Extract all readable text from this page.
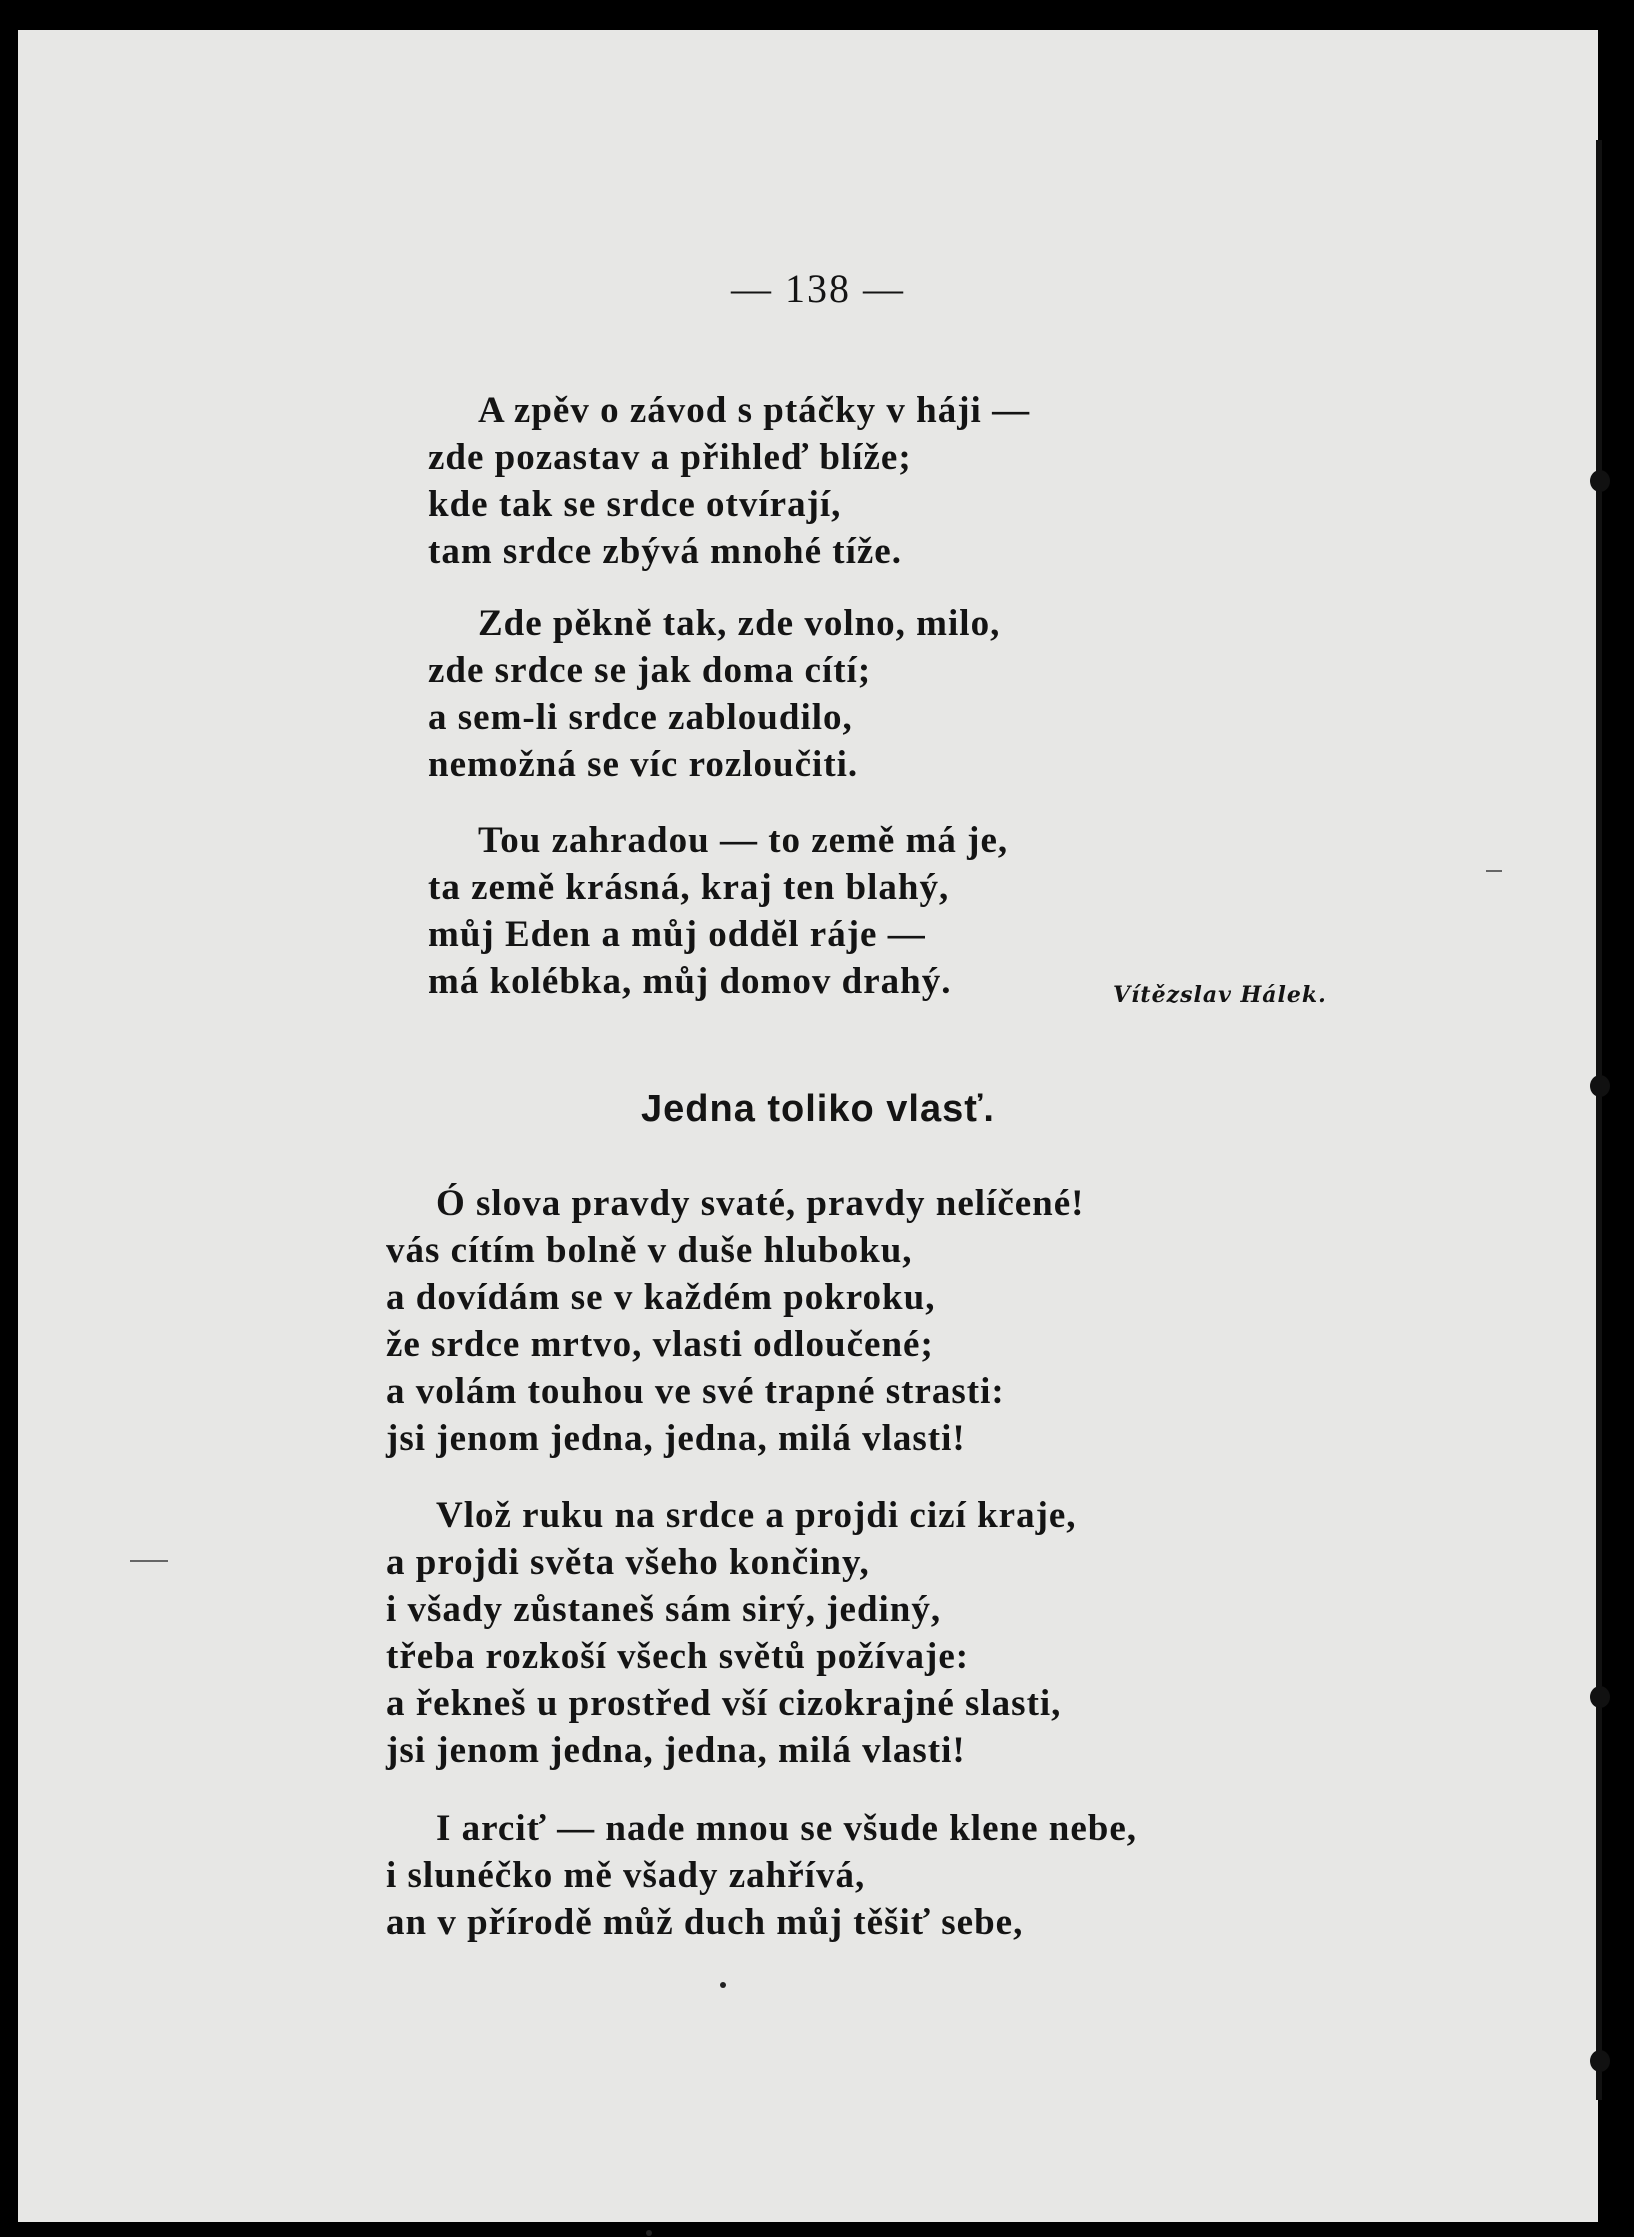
— 138 —
A zpěv o závod s ptáčky v háji —
zde pozastav a přihleď blíže;
kde tak se srdce otvírají,
tam srdce zbývá mnohé tíže.
Zde pěkně tak, zde volno, milo,
zde srdce se jak doma cítí;
a sem-li srdce zabloudilo,
nemožná se víc rozloučiti.
Tou zahradou — to země má je,
ta země krásná, kraj ten blahý,
můj Eden a můj oddĕl ráje —
má kolébka, můj domov drahý.	Vítězslav Hálek.
Jedna toliko vlasť.
Ó slova pravdy svaté, pravdy nelíčené!
vás cítím bolně v duše hluboku,
a dovídám se v každém pokroku,
že srdce mrtvo, vlasti odloučené;
a volám touhou ve své trapné strasti:
jsi jenom jedna, jedna, milá vlasti!
Vlož ruku na srdce a projdi cizí kraje,
a projdi světa všeho končiny,
i všady zůstaneš sám sirý, jediný,
třeba rozkoší všech světů požívaje:
a řekneš u prostřed vší cizokrajné slasti,
jsi jenom jedna, jedna, milá vlasti!
I arciť — nade mnou se všude klene nebe,
i slunéčko mě všady zahřívá,
an v přírodě můž duch můj těšiť sebe,
